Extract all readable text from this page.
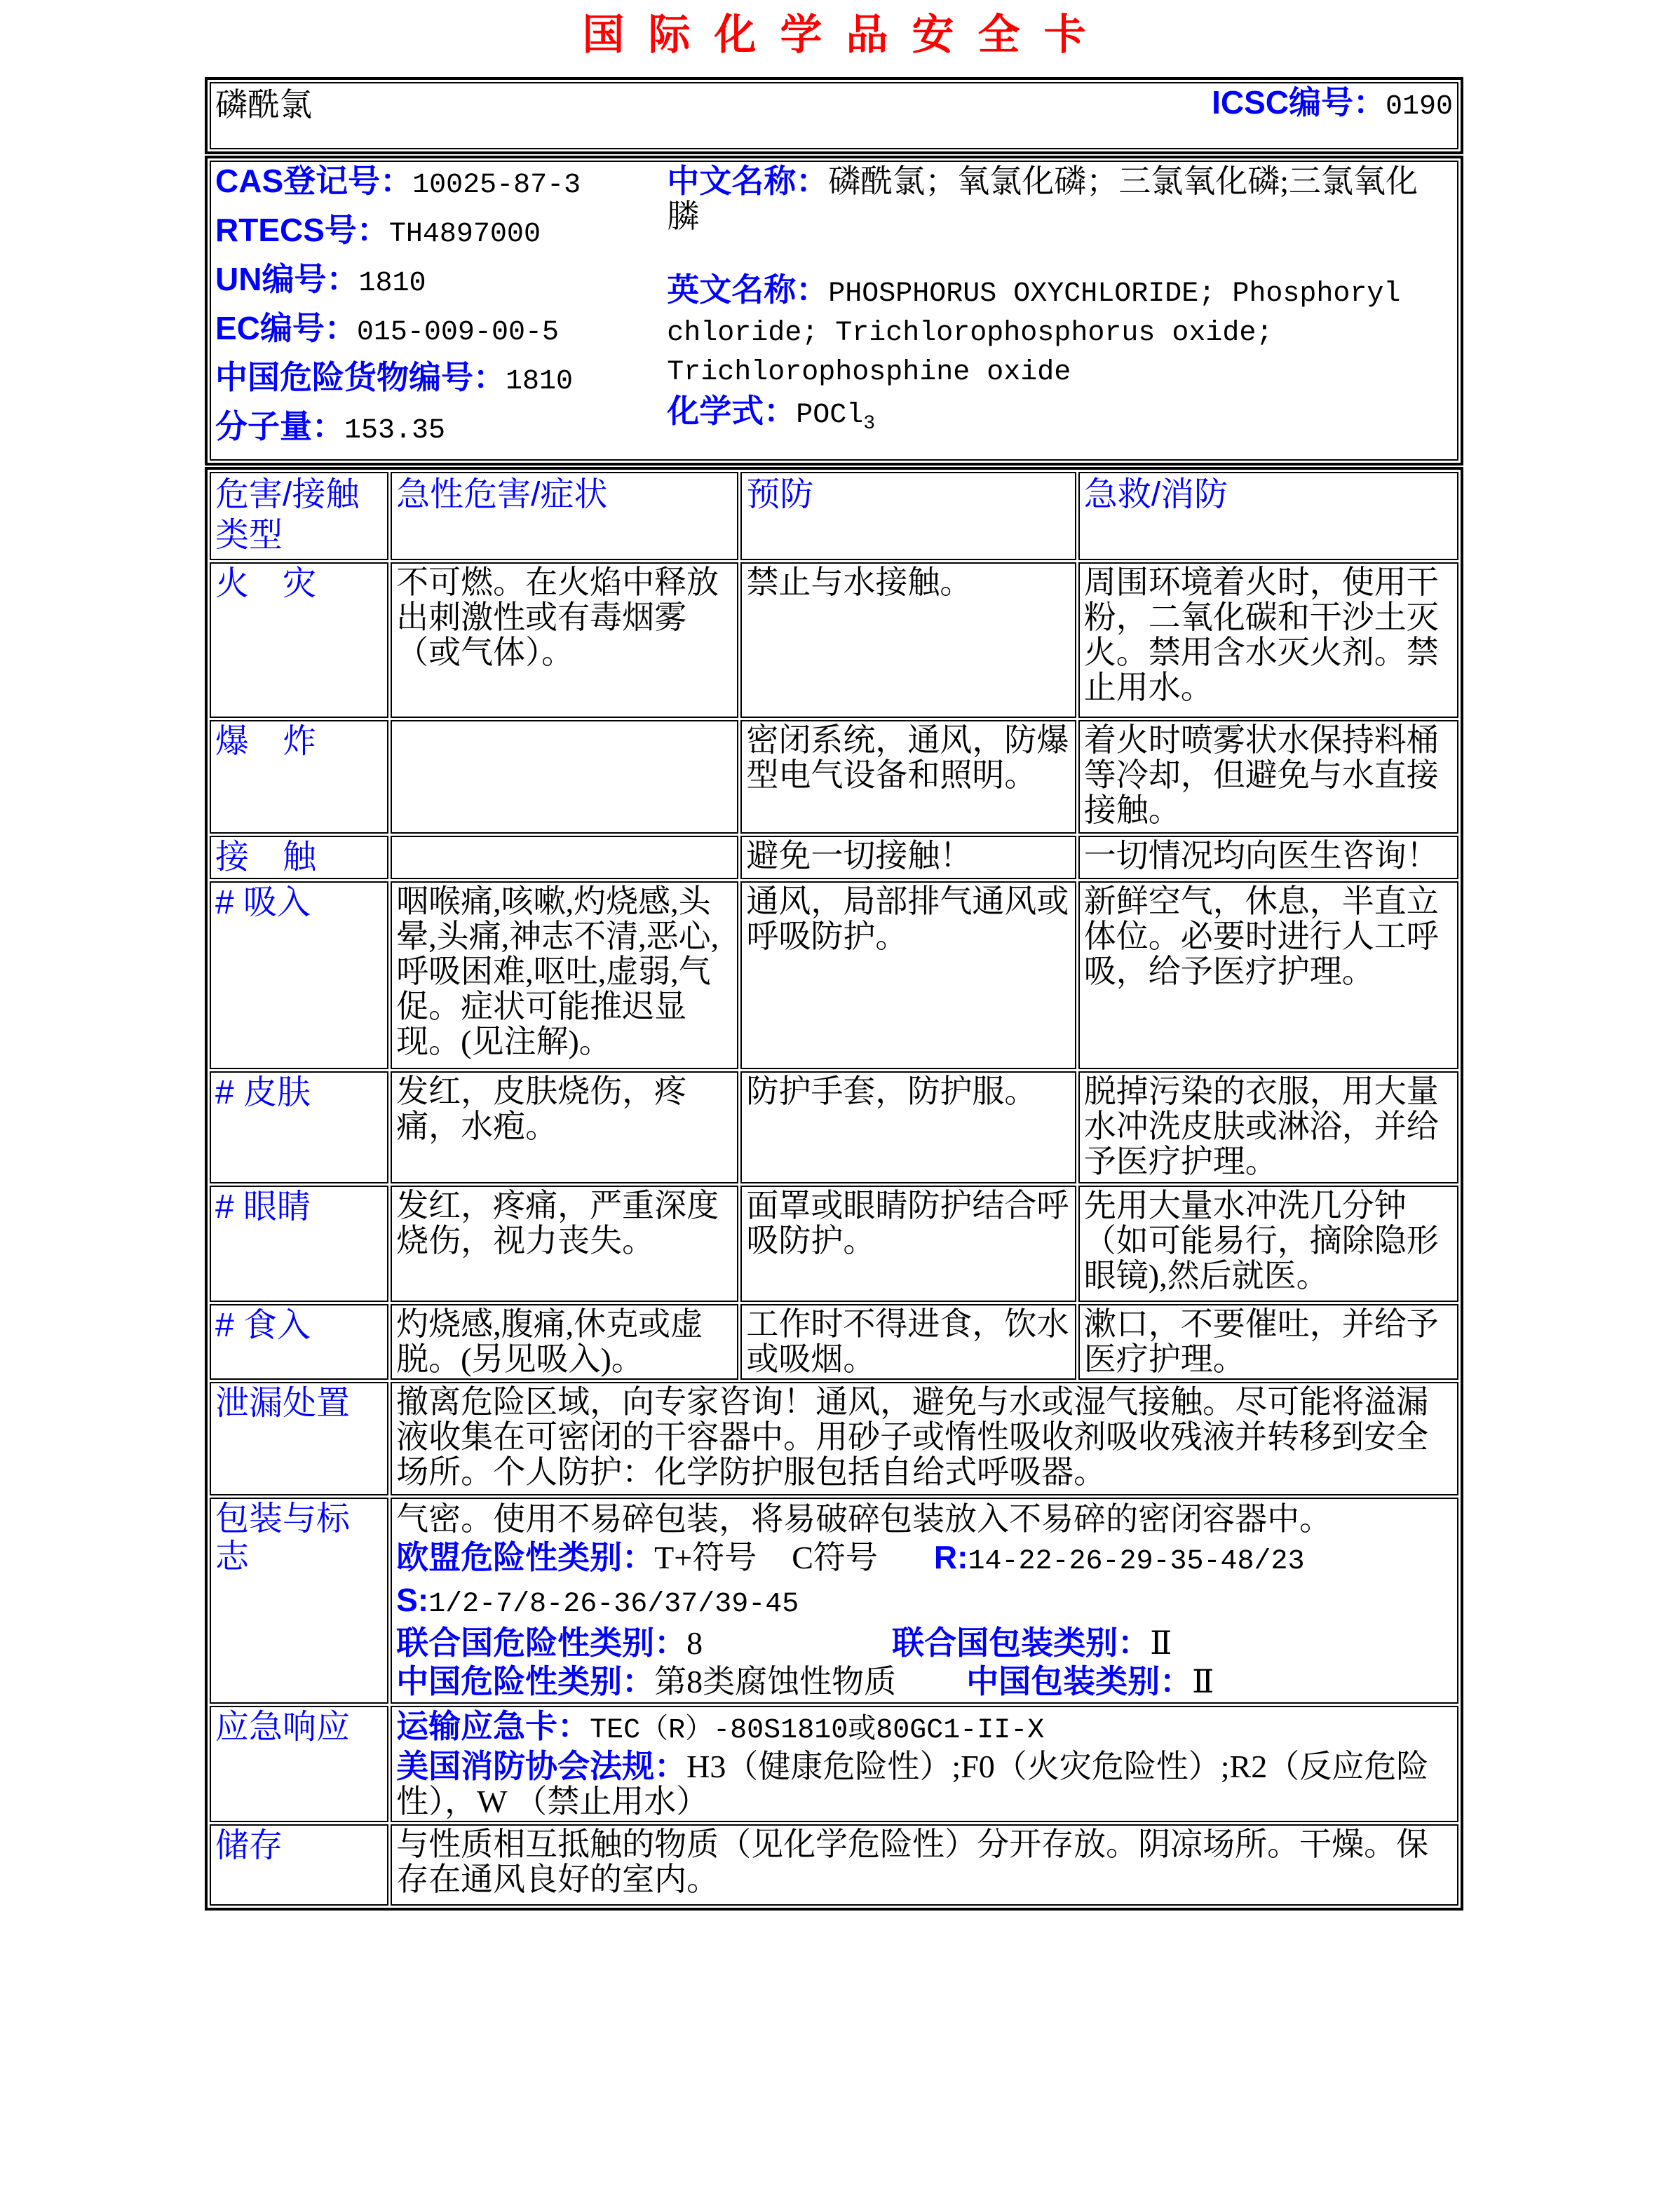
国际化学品安全卡
磷酰氯	ICSC编号：0190
CAS登记号：10025-87-3
RTECS号：TH4897000
UN编号：1810
EC编号：015-009-00-5
中国危险货物编号：1810
分子量：153.35
中文名称：磷酰氯；氧氯化磷；三氯氧化磷;三氯氧化膦
英文名称：PHOSPHORUS OXYCHLORIDE; Phosphoryl chloride; Trichlorophosphorus oxide; Trichlorophosphine oxide
化学式：POCl$_3$
危害/接触类型	急性危害/症状	预防	急救/消防
火　灾	不可燃。在火焰中释放出刺激性或有毒烟雾（或气体）。	禁止与水接触。	周围环境着火时，使用干粉，二氧化碳和干沙土灭火。禁用含水灭火剂。禁止用水。
爆　炸		密闭系统，通风，防爆型电气设备和照明。	着火时喷雾状水保持料桶等冷却，但避免与水直接接触。
接　触		避免一切接触！	一切情况均向医生咨询！
# 吸入	咽喉痛,咳嗽,灼烧感,头晕,头痛,神志不清,恶心,呼吸困难,呕吐,虚弱,气促。症状可能推迟显现。(见注解)。	通风，局部排气通风或呼吸防护。	新鲜空气，休息，半直立体位。必要时进行人工呼吸，给予医疗护理。
# 皮肤	发红，皮肤烧伤，疼痛，水疱。	防护手套，防护服。	脱掉污染的衣服，用大量水冲洗皮肤或淋浴，并给予医疗护理。
# 眼睛	发红，疼痛，严重深度烧伤，视力丧失。	面罩或眼睛防护结合呼吸防护。	先用大量水冲洗几分钟（如可能易行，摘除隐形眼镜),然后就医。
# 食入	灼烧感,腹痛,休克或虚脱。(另见吸入)。	工作时不得进食，饮水或吸烟。	漱口，不要催吐，并给予医疗护理。
泄漏处置	撤离危险区域，向专家咨询！通风，避免与水或湿气接触。尽可能将溢漏液收集在可密闭的干容器中。用砂子或惰性吸收剂吸收残液并转移到安全场所。个人防护：化学防护服包括自给式呼吸器。		
包装与标志	气密。使用不易碎包装，将易破碎包装放入不易碎的密闭容器中。
欧盟危险性类别：T+符号 C符号 R:14-22-26-29-35-48/23
S:1/2-7/8-26-36/37/39-45
联合国危险性类别：8 联合国包装类别：Ⅱ
中国危险性类别：第8类腐蚀性物质 中国包装类别：Ⅱ		

应急响应	运输应急卡：TEC（R）-80S1810或80GC1-II-X
美国消防协会法规：H3（健康危险性）;F0（火灾危险性）;R2（反应危险性），W （禁止用水）		

储存	与性质相互抵触的物质（见化学危险性）分开存放。阴凉场所。干燥。保存在通风良好的室内。		
